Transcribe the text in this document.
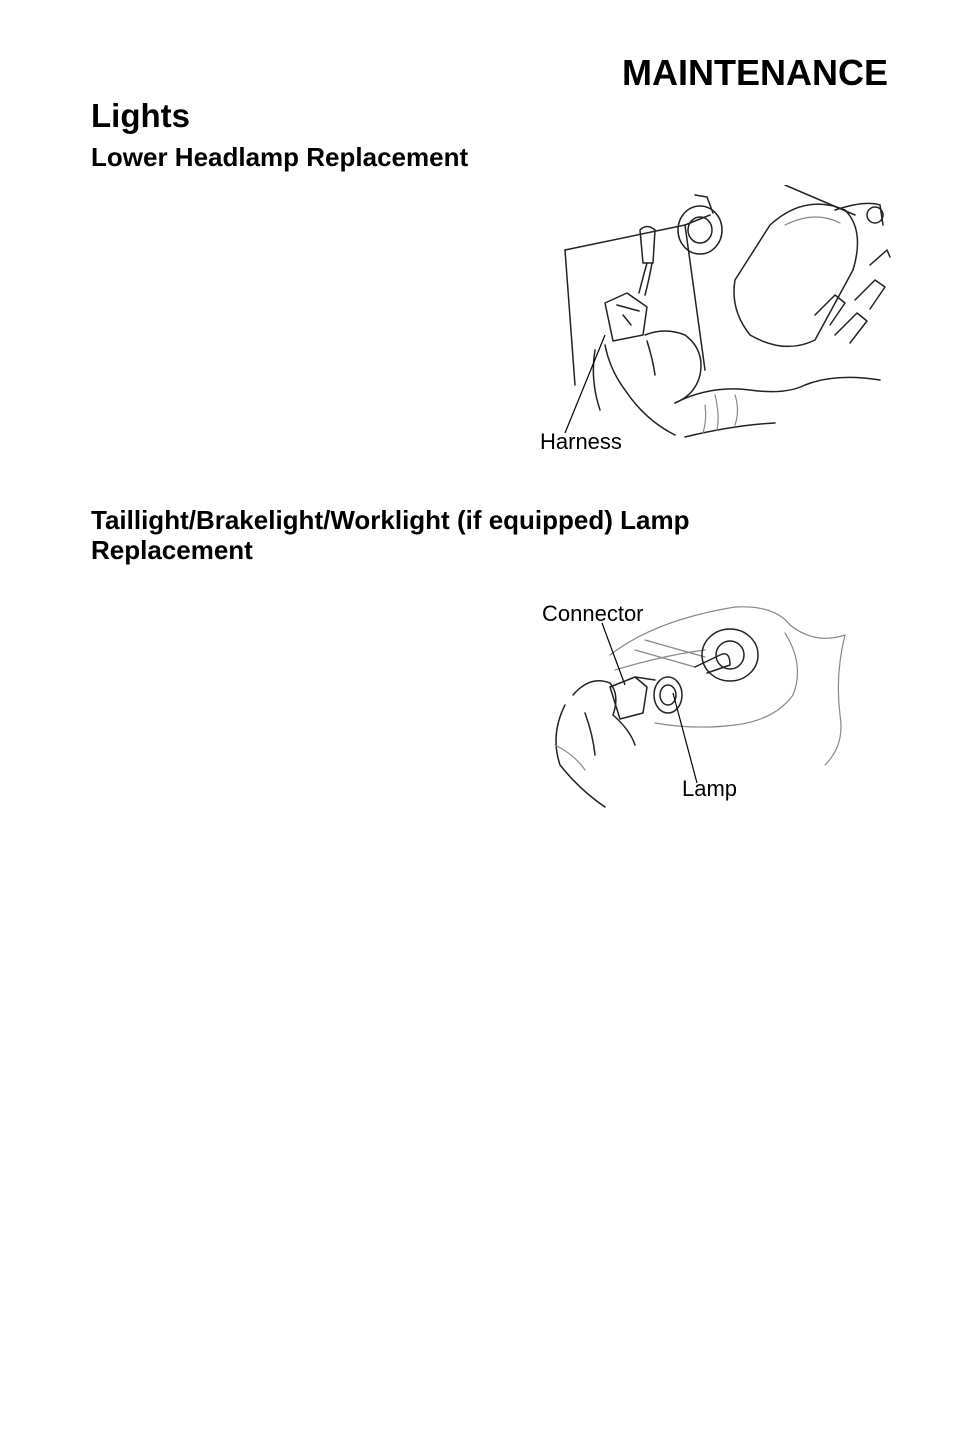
MAINTENANCE
Lights
Lower Headlamp Replacement
Harness
Taillight/Brakelight/Worklight (if equipped) Lamp Replacement
Connector
Lamp
